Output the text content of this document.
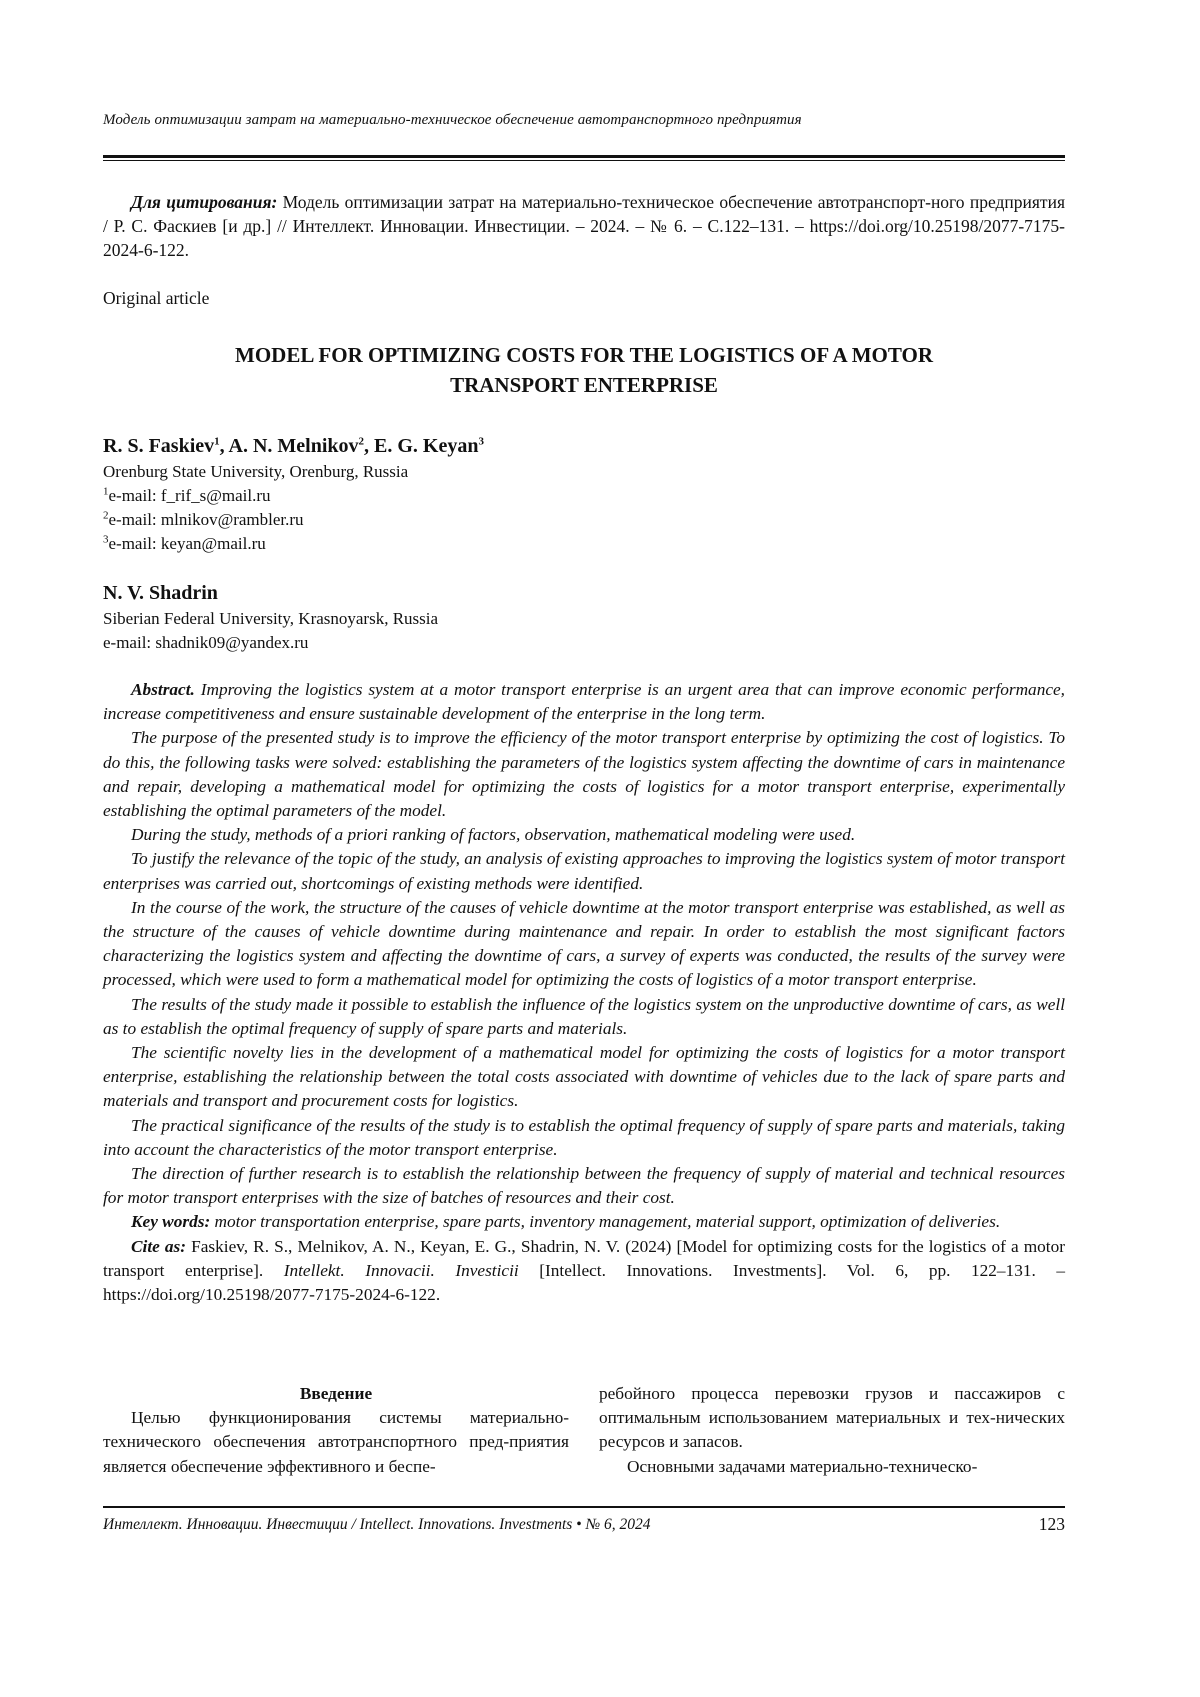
Модель оптимизации затрат на материально-техническое обеспечение автотранспортного предприятия
Для цитирования: Модель оптимизации затрат на материально-техническое обеспечение автотранспорт-ного предприятия / Р. С. Фаскиев [и др.] // Интеллект. Инновации. Инвестиции. – 2024. – № 6. – С.122–131. – https://doi.org/10.25198/2077-7175-2024-6-122.
Original article
MODEL FOR OPTIMIZING COSTS FOR THE LOGISTICS OF A MOTOR
TRANSPORT ENTERPRISE
R. S. Faskiev$^1$, A. N. Melnikov$^2$, E. G. Keyan$^3$
Orenburg State University, Orenburg, Russia
$^1$e-mail: f_rif_s@mail.ru
$^2$e-mail: mlnikov@rambler.ru
$^3$e-mail: keyan@mail.ru
N. V. Shadrin
Siberian Federal University, Krasnoyarsk, Russia
e-mail: shadnik09@yandex.ru

Abstract. Improving the logistics system at a motor transport enterprise is an urgent area that can improve economic performance, increase competitiveness and ensure sustainable development of the enterprise in the long term.

The purpose of the presented study is to improve the efficiency of the motor transport enterprise by optimizing the cost of logistics. To do this, the following tasks were solved: establishing the parameters of the logistics system affecting the downtime of cars in maintenance and repair, developing a mathematical model for optimizing the costs of logistics for a motor transport enterprise, experimentally establishing the optimal parameters of the model.

During the study, methods of a priori ranking of factors, observation, mathematical modeling were used.

To justify the relevance of the topic of the study, an analysis of existing approaches to improving the logistics system of motor transport enterprises was carried out, shortcomings of existing methods were identified.

In the course of the work, the structure of the causes of vehicle downtime at the motor transport enterprise was established, as well as the structure of the causes of vehicle downtime during maintenance and repair. In order to establish the most significant factors characterizing the logistics system and affecting the downtime of cars, a survey of experts was conducted, the results of the survey were processed, which were used to form a mathematical model for optimizing the costs of logistics of a motor transport enterprise.

The results of the study made it possible to establish the influence of the logistics system on the unproductive downtime of cars, as well as to establish the optimal frequency of supply of spare parts and materials.

The scientific novelty lies in the development of a mathematical model for optimizing the costs of logistics for a motor transport enterprise, establishing the relationship between the total costs associated with downtime of vehicles due to the lack of spare parts and materials and transport and procurement costs for logistics.

The practical significance of the results of the study is to establish the optimal frequency of supply of spare parts and materials, taking into account the characteristics of the motor transport enterprise.

The direction of further research is to establish the relationship between the frequency of supply of material and technical resources for motor transport enterprises with the size of batches of resources and their cost.

Key words: motor transportation enterprise, spare parts, inventory management, material support, optimization of deliveries.

Cite as: Faskiev, R. S., Melnikov, A. N., Keyan, E. G., Shadrin, N. V. (2024) [Model for optimizing costs for the logistics of a motor transport enterprise]. Intellekt. Innovacii. Investicii [Intellect. Innovations. Investments]. Vol. 6, pp. 122–131. – https://doi.org/10.25198/2077-7175-2024-6-122.

Введение

Целью функционирования системы материально-технического обеспечения автотранспортного пред-приятия является обеспечение эффективного и беспе-

ребойного процесса перевозки грузов и пассажиров с оптимальным использованием материальных и тех-нических ресурсов и запасов.

Основными задачами материально-техническо-

Интеллект. Инновации. Инвестиции / Intellect. Innovations. Investments • № 6, 2024	123
